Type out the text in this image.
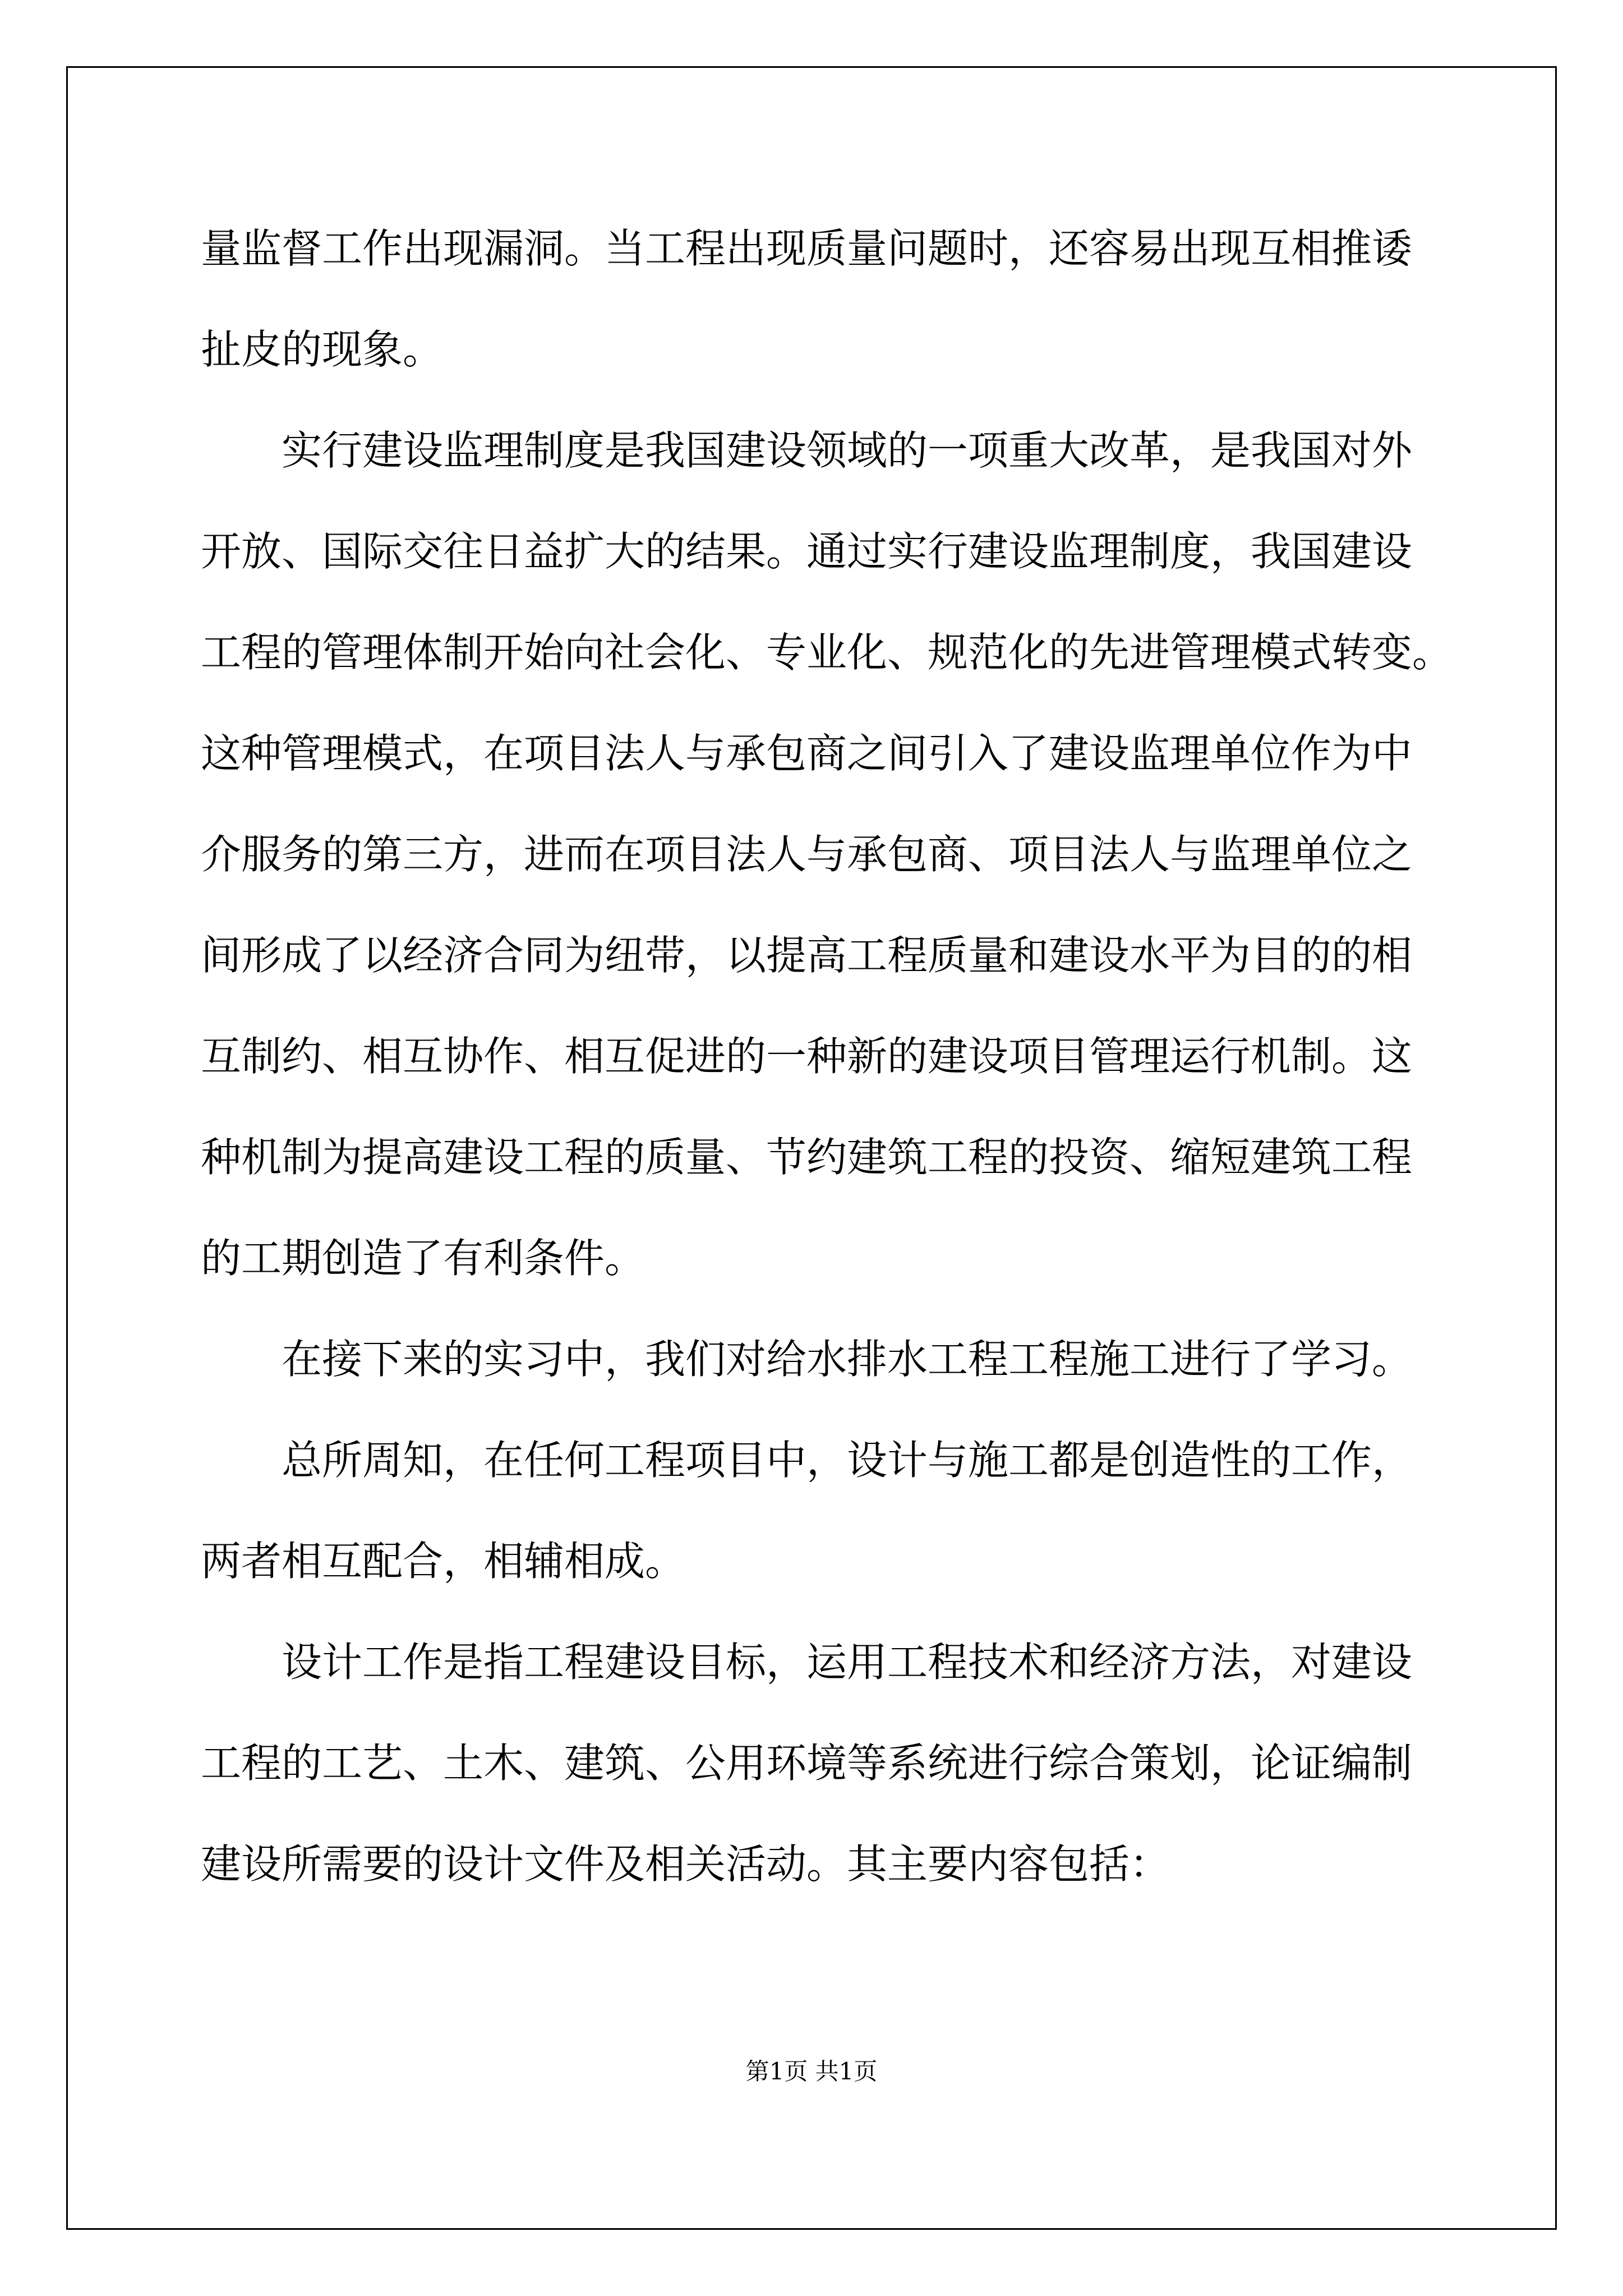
量监督工作出现漏洞。当工程出现质量问题时，还容易出现互相推诿

扯皮的现象。

实行建设监理制度是我国建设领域的一项重大改革，是我国对外

开放、国际交往日益扩大的结果。通过实行建设监理制度，我国建设

工程的管理体制开始向社会化、专业化、规范化的先进管理模式转变。

这种管理模式，在项目法人与承包商之间引入了建设监理单位作为中

介服务的第三方，进而在项目法人与承包商、项目法人与监理单位之

间形成了以经济合同为纽带，以提高工程质量和建设水平为目的的相

互制约、相互协作、相互促进的一种新的建设项目管理运行机制。这

种机制为提高建设工程的质量、节约建筑工程的投资、缩短建筑工程

的工期创造了有利条件。

在接下来的实习中，我们对给水排水工程工程施工进行了学习。

总所周知，在任何工程项目中，设计与施工都是创造性的工作，

两者相互配合，相辅相成。

设计工作是指工程建设目标，运用工程技术和经济方法，对建设

工程的工艺、土木、建筑、公用环境等系统进行综合策划，论证编制

建设所需要的设计文件及相关活动。其主要内容包括：

第1页 共1页
